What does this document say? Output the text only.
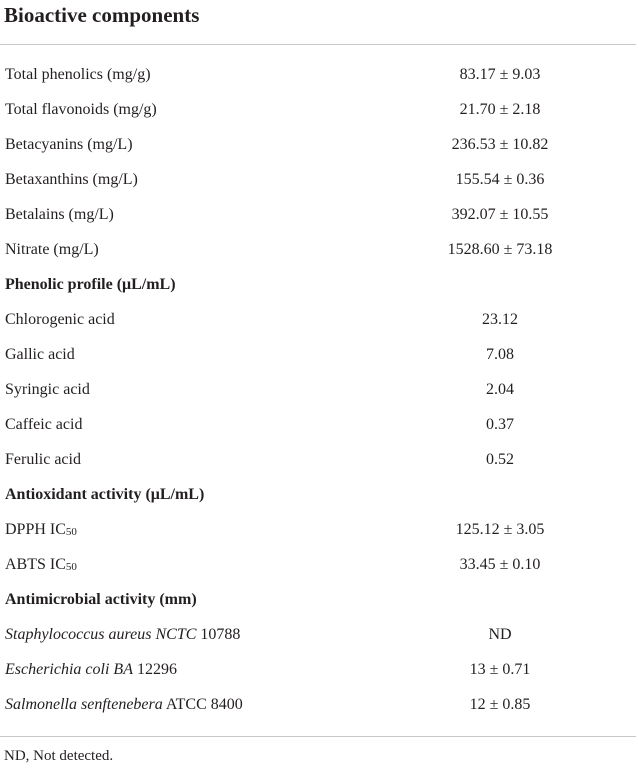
Bioactive components
Total phenolics (mg/g)	83.17 ± 9.03
Total flavonoids (mg/g)	21.70 ± 2.18
Betacyanins (mg/L)	236.53 ± 10.82
Betaxanthins (mg/L)	155.54 ± 0.36
Betalains (mg/L)	392.07 ± 10.55
Nitrate (mg/L)	1528.60 ± 73.18
Phenolic profile (μL/mL)
Chlorogenic acid	23.12
Gallic acid	7.08
Syringic acid	2.04
Caffeic acid	0.37
Ferulic acid	0.52
Antioxidant activity (μL/mL)
DPPH $IC_{50}$	125.12 ± 3.05
ABTS $IC_{50}$	33.45 ± 0.10
Antimicrobial activity (mm)
Staphylococcus aureus NCTC 10788	ND
Escherichia coli BA 12296	13 ± 0.71
Salmonella senftenebera ATCC 8400	12 ± 0.85
ND, Not detected.
